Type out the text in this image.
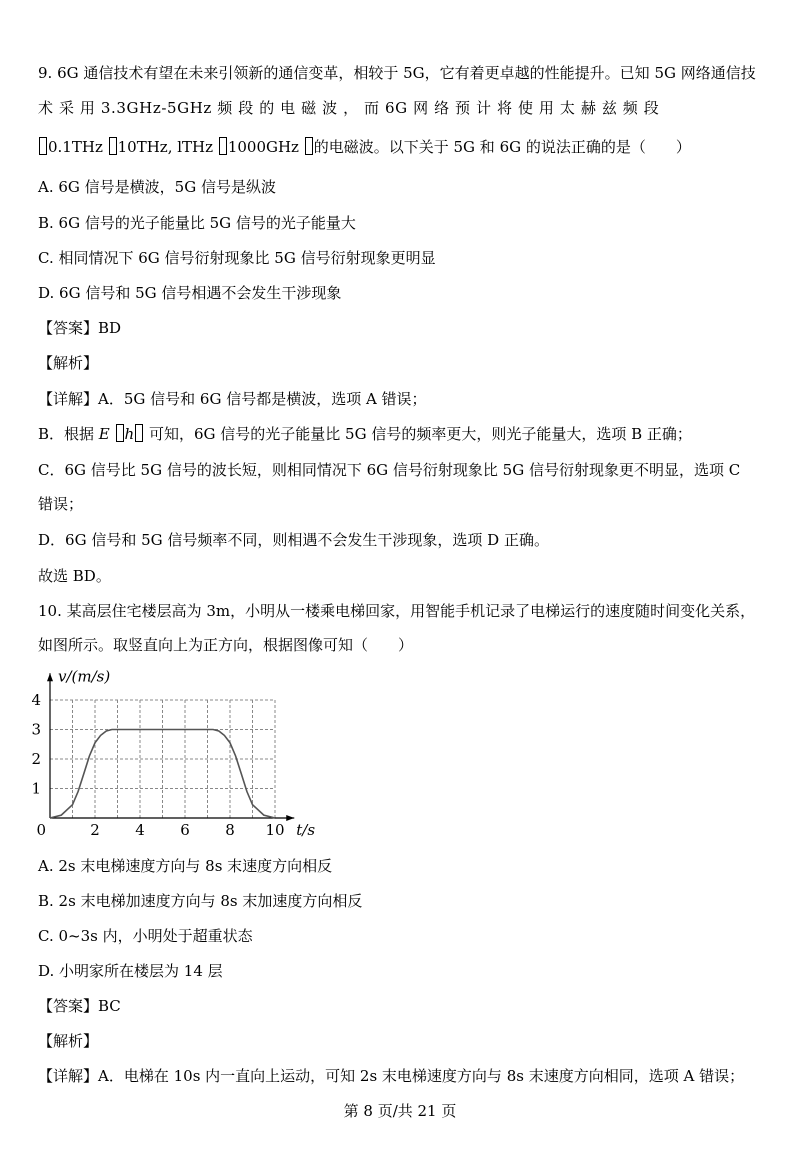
9. 6G 通信技术有望在未来引领新的通信变革，相较于 5G，它有着更卓越的性能提升。已知 5G 网络通信技
术 采 用 3.3GHz-5GHz 频 段 的 电 磁 波 ， 而 6G 网 络 预 计 将 使 用 太 赫 兹 频 段
0.1THz 10THz, lTHz 1000GHz 的电磁波。以下关于 5G 和 6G 的说法正确的是（　　）
A. 6G 信号是横波，5G 信号是纵波
B. 6G 信号的光子能量比 5G 信号的光子能量大
C. 相同情况下 6G 信号衍射现象比 5G 信号衍射现象更明显
D. 6G 信号和 5G 信号相遇不会发生干涉现象
【答案】BD
【解析】
【详解】A．5G 信号和 6G 信号都是横波，选项 A 错误；
B．根据 E h 可知，6G 信号的光子能量比 5G 信号的频率更大，则光子能量大，选项 B 正确；
C．6G 信号比 5G 信号的波长短，则相同情况下 6G 信号衍射现象比 5G 信号衍射现象更不明显，选项 C
错误；
D．6G 信号和 5G 信号频率不同，则相遇不会发生干涉现象，选项 D 正确。
故选 BD。
10. 某高层住宅楼层高为 3m，小明从一楼乘电梯回家，用智能手机记录了电梯运行的速度随时间变化关系，
如图所示。取竖直向上为正方向，根据图像可知（　　）
2 4 6 8 10
1
2
3
4
0	t/s
v/(m/s)
A. 2s 末电梯速度方向与 8s 末速度方向相反
B. 2s 末电梯加速度方向与 8s 末加速度方向相反
C. 0~3s 内，小明处于超重状态
D. 小明家所在楼层为 14 层
【答案】BC
【解析】
【详解】A．电梯在 10s 内一直向上运动，可知 2s 末电梯速度方向与 8s 末速度方向相同，选项 A 错误；
第 8 页/共 21 页
